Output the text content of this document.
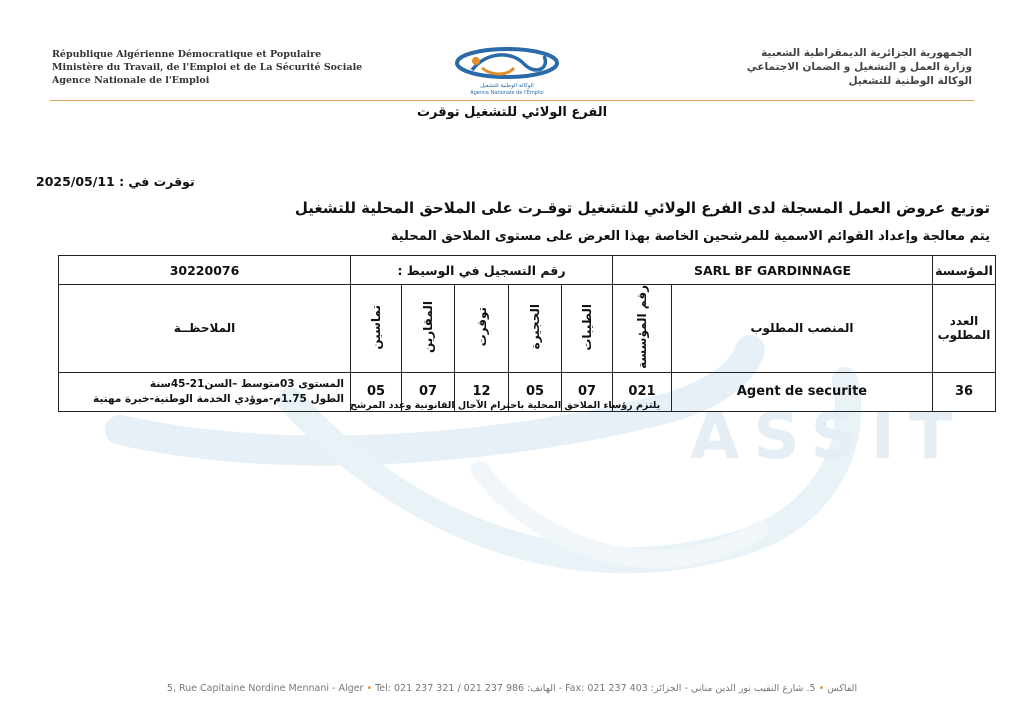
ASSIT
République Algérienne Démocratique et Populaire
Ministère du Travail, de l'Emploi et de La Sécurité Sociale
Agence Nationale de l'Emploi	الوكالة الوطنية للتشغيل
Agence Nationale de l'Emploi
الجمهورية الجزائرية الديمقراطية الشعبية
وزارة العمل و التشغيل و الضمان الاجتماعي
الوكالة الوطنية للتشغيل
الفرع الولائي للتشغيل توقرت
توقرت في : 2025/05/11
توزيع عروض العمل المسجلة لدى الفرع الولائي للتشغيل توقـرت على الملاحق المحلية للتشغيل
يتم معالجة وإعداد القوائم الاسمية للمرشحين الخاصة بهذا العرض على مستوى الملاحق المحلية
المؤسسة	SARL BF GARDINNAGE		رقم التسجيل في الوسيط :					30220076
العدد المطلوب	المنصب المطلوب	رقم المؤسسة	الطيبات	الحجيرة	توقرت	المقارين	تماسين	الملاحظــة
36	Agent de securite	021	07	05	12	07	05	المستوى 03متوسط –السن21-45سنة
الطول 1.75م-موؤدي الخدمة الوطنية-خبرة مهنية
يلتزم رؤساء الملاحق المحلية باحترام الآجال القانونية وعدد المرشح
5, Rue Capitaine Nordine Mennani - Alger • Tel: 021 237 321 / 021 237 986 :الهاتف - Fax: 021 237 403 :الفاكس • 5. شارع النقيب نور الدين مناني - الجزائر
